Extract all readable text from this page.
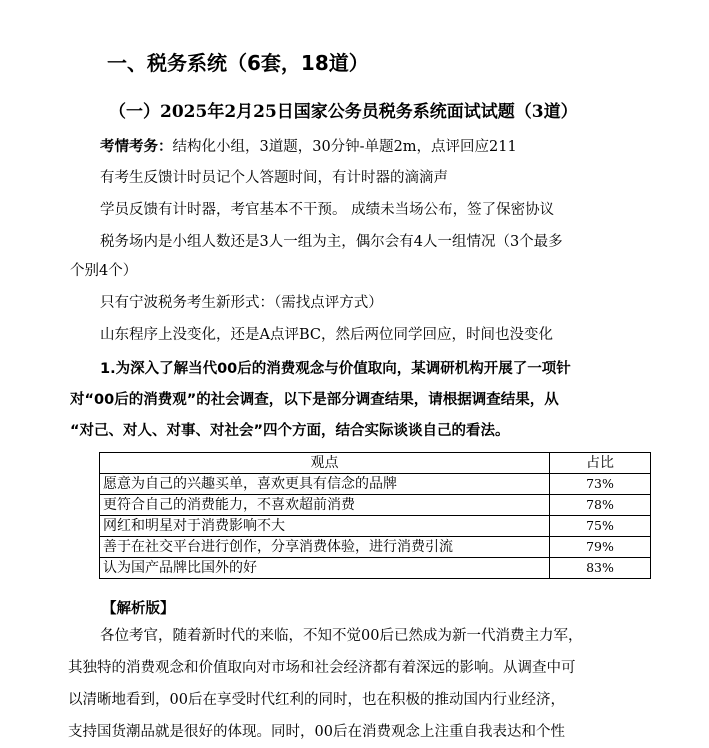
一、税务系统（6套，18道）
（一）2025年2月25日国家公务员税务系统面试试题（3道）
考情考务：结构化小组，3道题，30分钟-单题2m，点评回应211
有考生反馈计时员记个人答题时间，有计时器的滴滴声
学员反馈有计时器，考官基本不干预。 成绩未当场公布，签了保密协议
税务场内是小组人数还是3人一组为主，偶尔会有4人一组情况（3个最多
个别4个）
只有宁波税务考生新形式：（需找点评方式）
山东程序上没变化，还是A点评BC，然后两位同学回应，时间也没变化
1.为深入了解当代00后的消费观念与价值取向，某调研机构开展了一项针
对“00后的消费观”的社会调查，以下是部分调查结果，请根据调查结果，从
“对己、对人、对事、对社会”四个方面，结合实际谈谈自己的看法。
观点	占比
愿意为自己的兴趣买单，喜欢更具有信念的品牌	73%
更符合自己的消费能力，不喜欢超前消费	78%
网红和明星对于消费影响不大	75%
善于在社交平台进行创作，分享消费体验，进行消费引流	79%
认为国产品牌比国外的好	83%
【解析版】
各位考官，随着新时代的来临，不知不觉00后已然成为新一代消费主力军，
其独特的消费观念和价值取向对市场和社会经济都有着深远的影响。从调查中可
以清晰地看到，00后在享受时代红利的同时，也在积极的推动国内行业经济，
支持国货潮品就是很好的体现。同时，00后在消费观念上注重自我表达和个性
